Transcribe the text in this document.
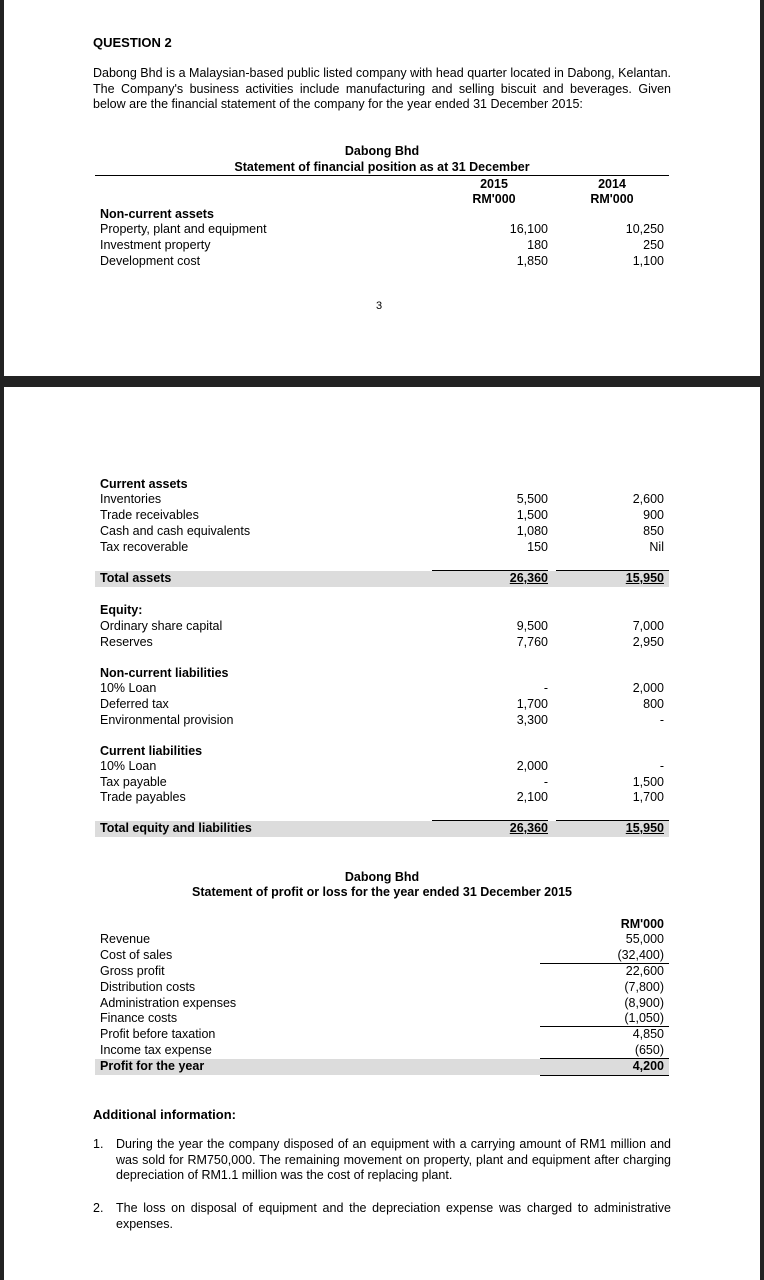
QUESTION 2
Dabong Bhd is a Malaysian-based public listed company with head quarter located in Dabong, Kelantan. The Company's business activities include manufacturing and selling biscuit and beverages. Given below are the financial statement of the company for the year ended 31 December 2015:
Dabong Bhd
Statement of financial position as at 31 December
2015
RM'000
2014
RM'000
Non-current assets
Property, plant and equipment	16,100	10,250
Investment property	180	250
Development cost	1,850	1,100
3
Current assets
Inventories	5,500	2,600
Trade receivables	1,500	900
Cash and cash equivalents	1,080	850
Tax recoverable	150	Nil
Total assets	26,360	15,950
Equity:
Ordinary share capital	9,500	7,000
Reserves	7,760	2,950
Non-current liabilities
10% Loan	-	2,000
Deferred tax	1,700	800
Environmental provision	3,300	-
Current liabilities
10% Loan	2,000	-
Tax payable	-	1,500
Trade payables	2,100	1,700
Total equity and liabilities	26,360	15,950
Dabong Bhd
Statement of profit or loss for the year ended 31 December 2015
RM'000
Revenue	55,000
Cost of sales	(32,400)
Gross profit	22,600
Distribution costs	(7,800)
Administration expenses	(8,900)
Finance costs	(1,050)
Profit before taxation	4,850
Income tax expense	(650)
Profit for the year	4,200
Additional information:
1. During the year the company disposed of an equipment with a carrying amount of RM1 million and was sold for RM750,000. The remaining movement on property, plant and equipment after charging depreciation of RM1.1 million was the cost of replacing plant.
2. The loss on disposal of equipment and the depreciation expense was charged to administrative expenses.
